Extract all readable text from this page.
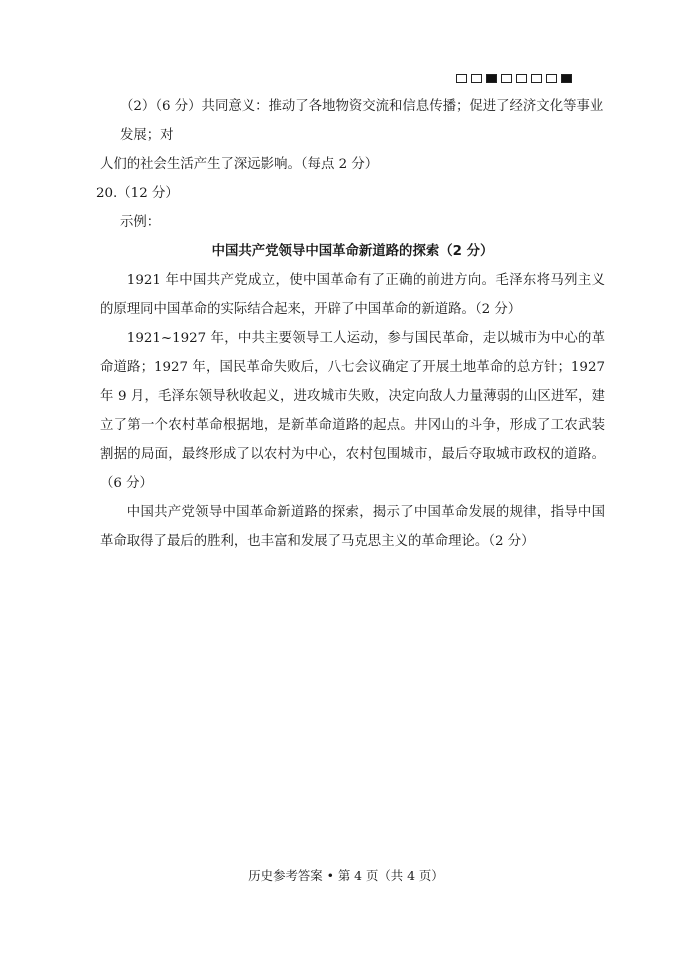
（2）（6 分）共同意义：推动了各地物资交流和信息传播；促进了经济文化等事业发展；对

人们的社会生活产生了深远影响。（每点 2 分）

20.（12 分）

示例：

中国共产党领导中国革命新道路的探索（2 分）

1921 年中国共产党成立，使中国革命有了正确的前进方向。毛泽东将马列主义的原理同中国革命的实际结合起来，开辟了中国革命的新道路。（2 分）

1921~1927 年，中共主要领导工人运动，参与国民革命，走以城市为中心的革命道路；1927 年，国民革命失败后，八七会议确定了开展土地革命的总方针；1927 年 9 月，毛泽东领导秋收起义，进攻城市失败，决定向敌人力量薄弱的山区进军，建立了第一个农村革命根据地，是新革命道路的起点。井冈山的斗争，形成了工农武装割据的局面，最终形成了以农村为中心，农村包围城市，最后夺取城市政权的道路。（6 分）

中国共产党领导中国革命新道路的探索，揭示了中国革命发展的规律，指导中国革命取得了最后的胜利，也丰富和发展了马克思主义的革命理论。（2 分）

历史参考答案 • 第 4 页（共 4 页）
